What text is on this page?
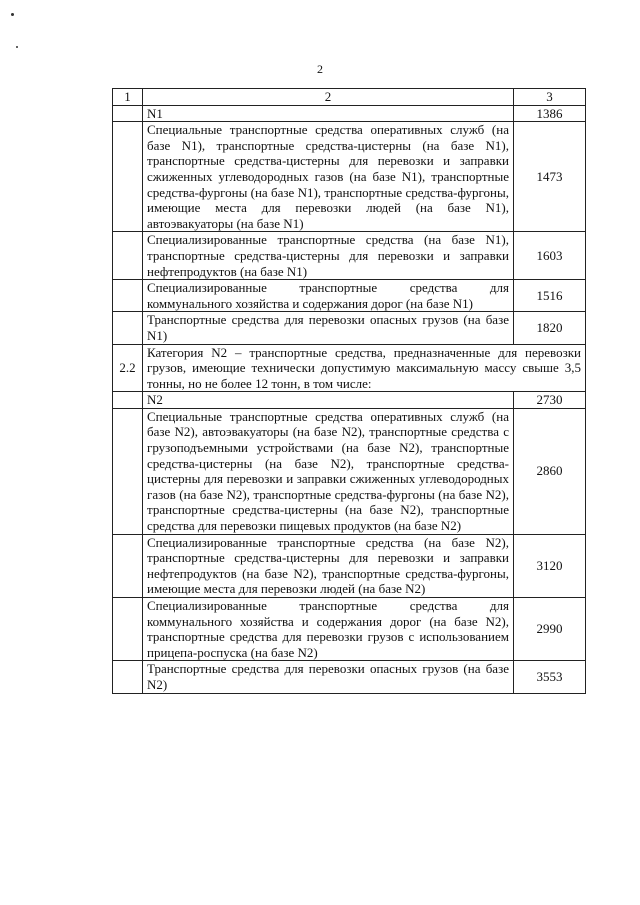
2
1	2	3
	N1	1386
	Специальные транспортные средства оперативных служб (на базе N1), транспортные средства-цистерны (на базе N1), транспортные средства-цистерны для перевозки и заправки сжиженных углеводородных газов (на базе N1), транспортные средства-фургоны (на базе N1), транспортные средства-фургоны, имеющие места для перевозки людей (на базе N1), автоэвакуаторы (на базе N1)	1473
	Специализированные транспортные средства (на базе N1), транспортные средства-цистерны для перевозки и заправки нефтепродуктов (на базе N1)	1603
	Специализированные транспортные средства для коммунального хозяйства и содержания дорог (на базе N1)	1516
	Транспортные средства для перевозки опасных грузов (на базе N1)	1820
2.2	Категория N2 – транспортные средства, предназначенные для перевозки грузов, имеющие технически допустимую максимальную массу свыше 3,5 тонны, но не более 12 тонн, в том числе:	
	N2	2730
	Специальные транспортные средства оперативных служб (на базе N2), автоэвакуаторы (на базе N2), транспортные средства с грузоподъемными устройствами (на базе N2), транспортные средства-цистерны (на базе N2), транспортные средства-цистерны для перевозки и заправки сжиженных углеводородных газов (на базе N2), транспортные средства-фургоны (на базе N2), транспортные средства-цистерны (на базе N2), транспортные средства для перевозки пищевых продуктов (на базе N2)	2860
	Специализированные транспортные средства (на базе N2), транспортные средства-цистерны для перевозки и заправки нефтепродуктов (на базе N2), транспортные средства-фургоны, имеющие места для перевозки людей (на базе N2)	3120
	Специализированные транспортные средства для коммунального хозяйства и содержания дорог (на базе N2), транспортные средства для перевозки грузов с использованием прицепа-роспуска (на базе N2)	2990
	Транспортные средства для перевозки опасных грузов (на базе N2)	3553
